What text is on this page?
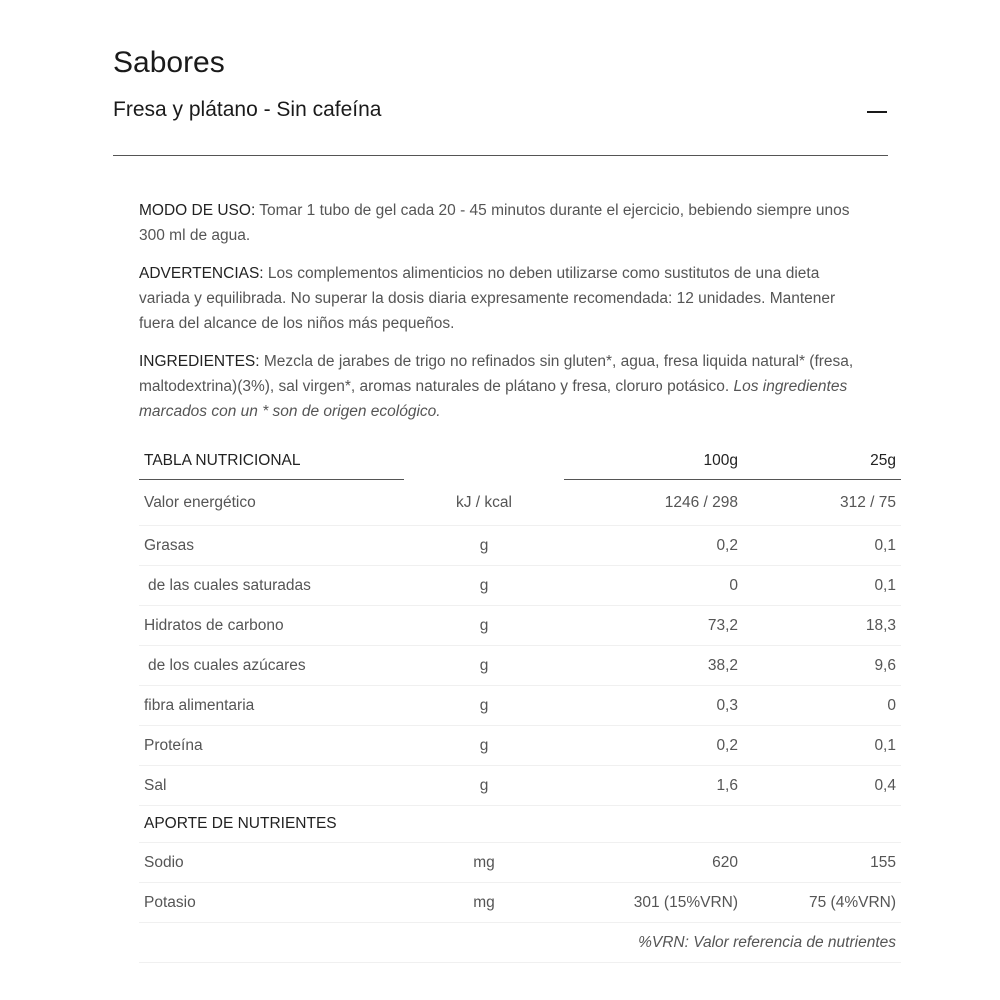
Sabores
Fresa y plátano - Sin cafeína

MODO DE USO: Tomar 1 tubo de gel cada 20 - 45 minutos durante el ejercicio, bebiendo siempre unos 300 ml de agua.

ADVERTENCIAS: Los complementos alimenticios no deben utilizarse como sustitutos de una dieta variada y equilibrada. No superar la dosis diaria expresamente recomendada: 12 unidades. Mantener fuera del alcance de los niños más pequeños.

INGREDIENTES: Mezcla de jarabes de trigo no refinados sin gluten*, agua, fresa liquida natural* (fresa, maltodextrina)(3%), sal virgen*, aromas naturales de plátano y fresa, cloruro potásico. Los ingredientes marcados con un * son de origen ecológico.

TABLA NUTRICIONAL		100g	25g
Valor energético	kJ / kcal	1246 / 298	312 / 75
Grasas	g	0,2	0,1
de las cuales saturadas	g	0	0,1
Hidratos de carbono	g	73,2	18,3
de los cuales azúcares	g	38,2	9,6
fibra alimentaria	g	0,3	0
Proteína	g	0,2	0,1
Sal	g	1,6	0,4
APORTE DE NUTRIENTES			
Sodio	mg	620	155
Potasio	mg	301 (15%VRN)	75 (4%VRN)
%VRN: Valor referencia de nutrientes			
